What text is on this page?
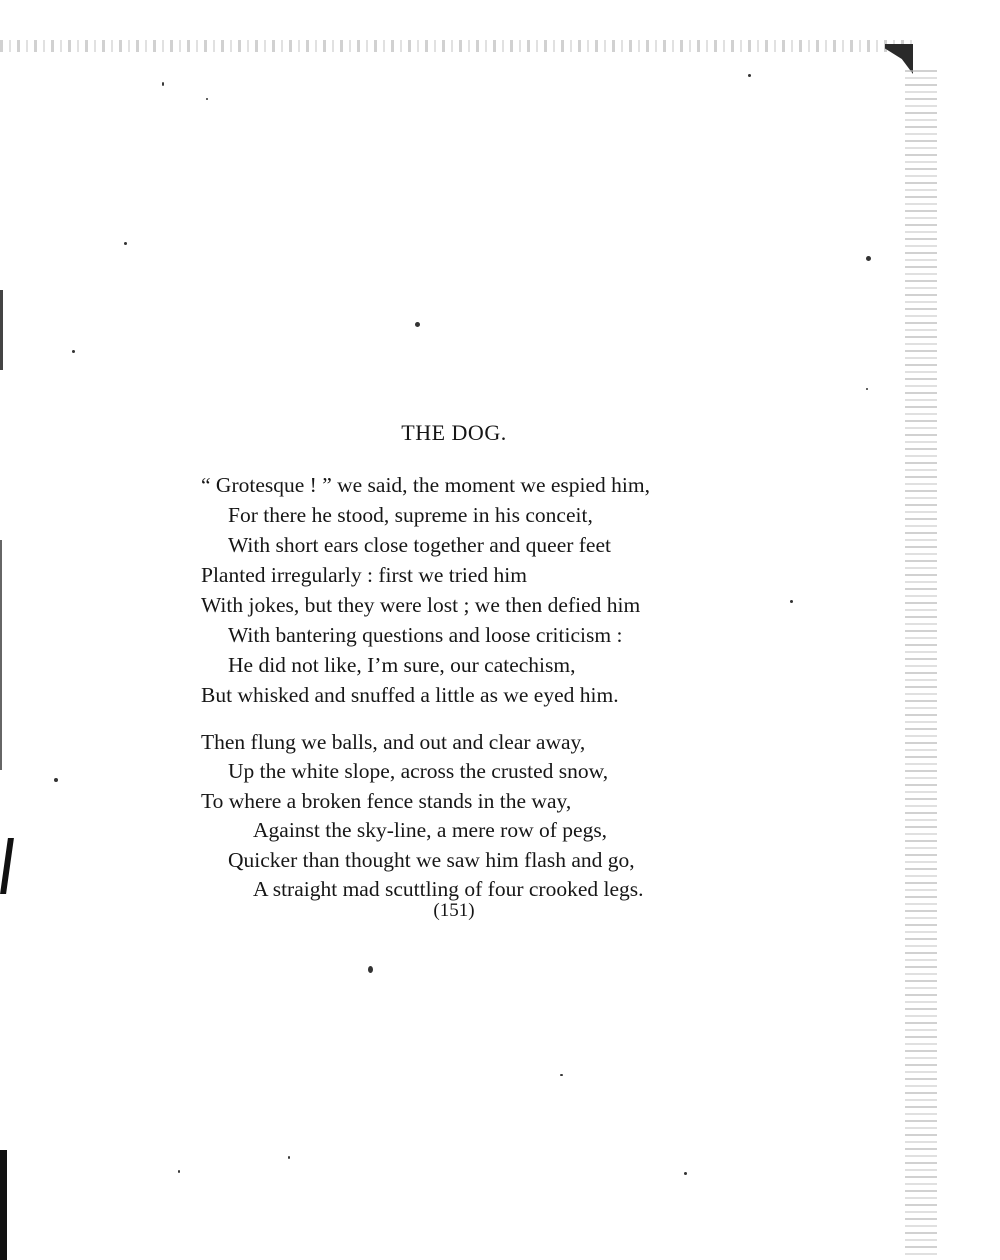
THE DOG.
“ Grotesque ! ” we said, the moment we espied him,
For there he stood, supreme in his conceit,
With short ears close together and queer feet
Planted irregularly : first we tried him
With jokes, but they were lost ; we then defied him
With bantering questions and loose criticism :
He did not like, I’m sure, our catechism,
But whisked and snuffed a little as we eyed him.
Then flung we balls, and out and clear away,
Up the white slope, across the crusted snow,
To where a broken fence stands in the way,
Against the sky-line, a mere row of pegs,
Quicker than thought we saw him flash and go,
A straight mad scuttling of four crooked legs.
(151)
